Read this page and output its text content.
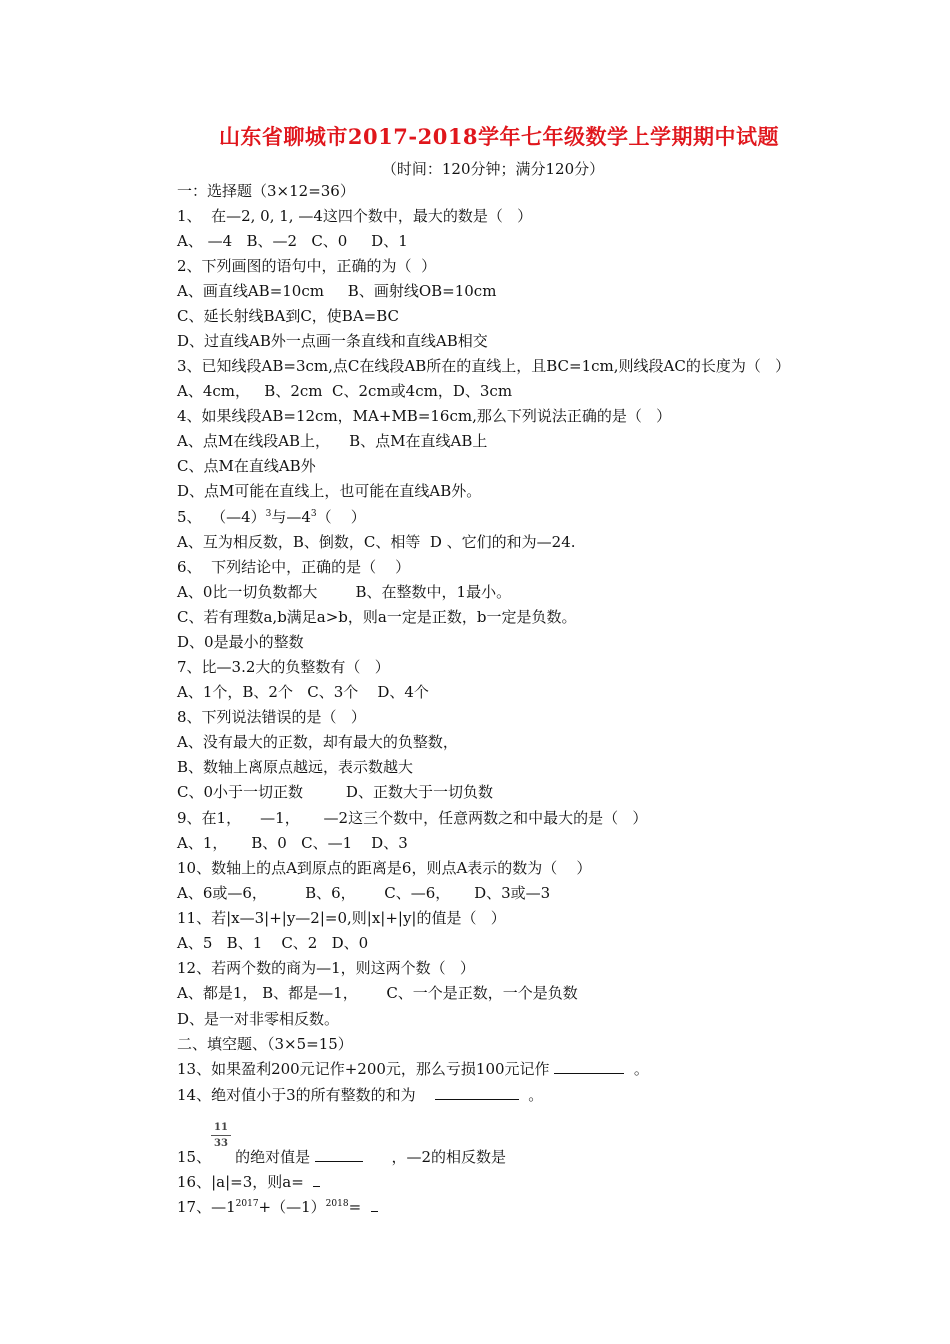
山东省聊城市2017-2018学年七年级数学上学期期中试题
（时间：120分钟；满分120分）
一：选择题（3×12=36）
1、  在—2, 0, 1, —4这四个数中，最大的数是（   ）
A、 —4   B、—2   C、0     D、1
2、下列画图的语句中，正确的为（  ）
A、画直线AB=10cm     B、画射线OB=10cm
C、延长射线BA到C，使BA=BC
D、过直线AB外一点画一条直线和直线AB相交
3、已知线段AB=3cm,点C在线段AB所在的直线上，且BC=1cm,则线段AC的长度为（   ）
A、4cm，   B、2cm  C、2cm或4cm，D、3cm
4、如果线段AB=12cm，MA+MB=16cm,那么下列说法正确的是（   ）
A、点M在线段AB上，    B、点M在直线AB上
C、点M在直线AB外
D、点M可能在直线上，也可能在直线AB外。
5、  （—4）$^3$与$—4^3$（    ）
A、互为相反数，B、倒数，C、相等  D 、它们的和为—24.
6、  下列结论中，正确的是（    ）
A、0比一切负数都大        B、在整数中，1最小。
C、若有理数a,b满足a>b，则a一定是正数，b一定是负数。
D、0是最小的整数
7、比—3.2大的负整数有（   ）
A、1个，B、2个   C、3个    D、4个
8、下列说法错误的是（   ）
A、没有最大的正数，却有最大的负整数，
B、数轴上离原点越远，表示数越大
C、0小于一切正数         D、正数大于一切负数
9、在1，    —1，     —2这三个数中，任意两数之和中最大的是（   ）
A、1，     B、0   C、—1    D、3
10、数轴上的点A到原点的距离是6，则点A表示的数为（    ）
A、6或—6，        B、6，      C、—6，     D、3或—3
11、若|x—3|+|y—2|=0,则|x|+|y|的值是（   ）
A、5   B、1    C、2   D、0
12、若两个数的商为—1，则这两个数（   ）
A、都是1， B、都是—1，      C、一个是正数，一个是负数
D、是一对非零相反数。
二、填空题、（3×5=15）
13、如果盈利200元记作+200元，那么亏损100元记作	。
14、绝对值小于3的所有整数的和为	。
11
33
15、 的绝对值是	，—2的相反数是
16、|a|=3，则a=
17、$—1^{2017}+(—1)^{2018}=$
